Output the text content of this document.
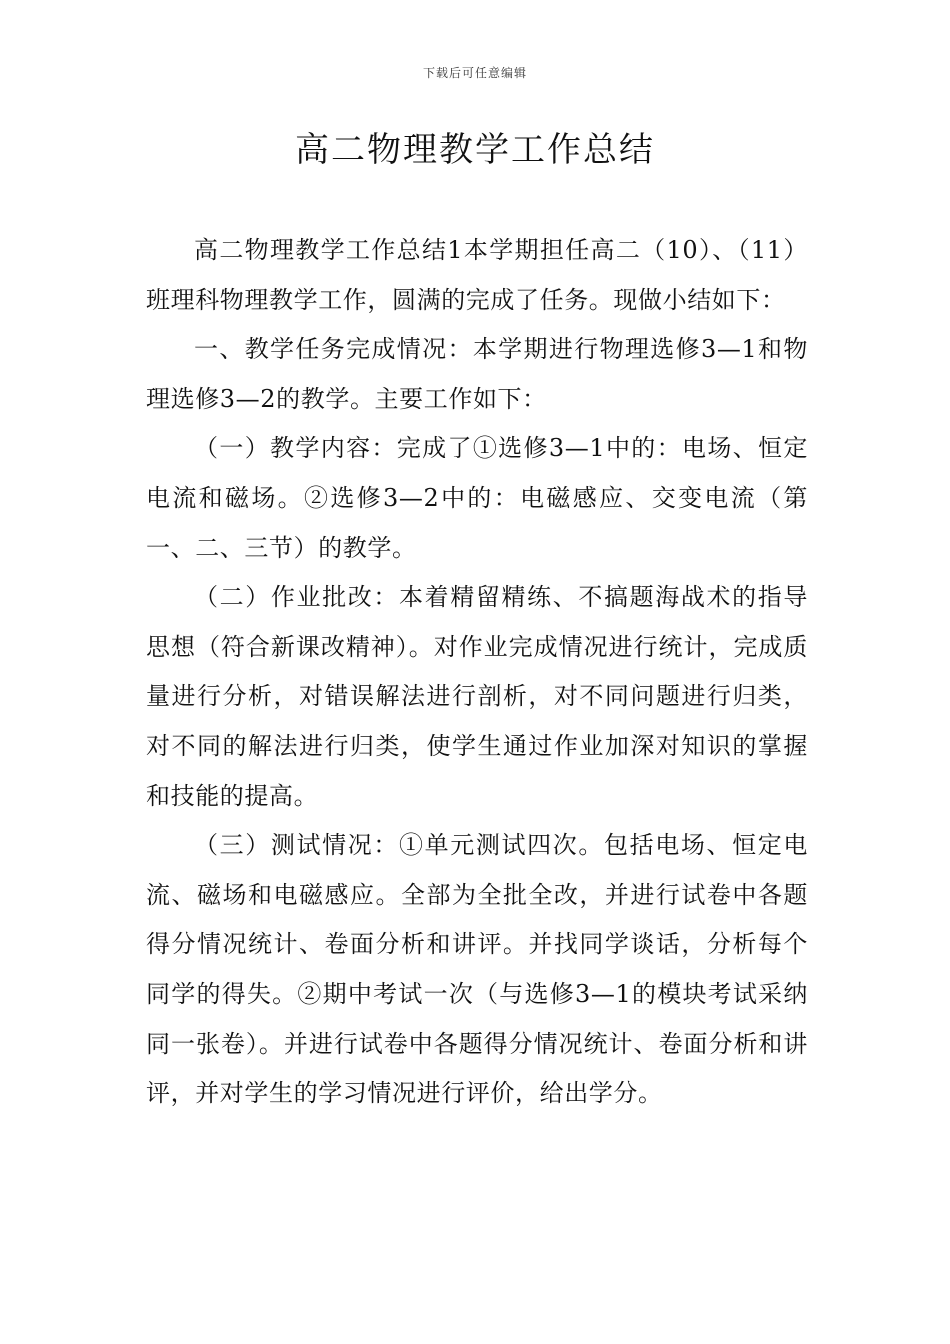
下载后可任意编辑
高二物理教学工作总结

高二物理教学工作总结1本学期担任高二（10）、（11）班理科物理教学工作，圆满的完成了任务。现做小结如下：

一、教学任务完成情况：本学期进行物理选修3—1和物理选修3—2的教学。主要工作如下：

（一）教学内容：完成了①选修3—1中的：电场、恒定电流和磁场。②选修3—2中的：电磁感应、交变电流（第一、二、三节）的教学。

（二）作业批改：本着精留精练、不搞题海战术的指导思想（符合新课改精神）。对作业完成情况进行统计，完成质量进行分析，对错误解法进行剖析，对不同问题进行归类，对不同的解法进行归类，使学生通过作业加深对知识的掌握和技能的提高。

（三）测试情况：①单元测试四次。包括电场、恒定电流、磁场和电磁感应。全部为全批全改，并进行试卷中各题得分情况统计、卷面分析和讲评。并找同学谈话，分析每个同学的得失。②期中考试一次（与选修3—1的模块考试采纳同一张卷）。并进行试卷中各题得分情况统计、卷面分析和讲评，并对学生的学习情况进行评价，给出学分。
